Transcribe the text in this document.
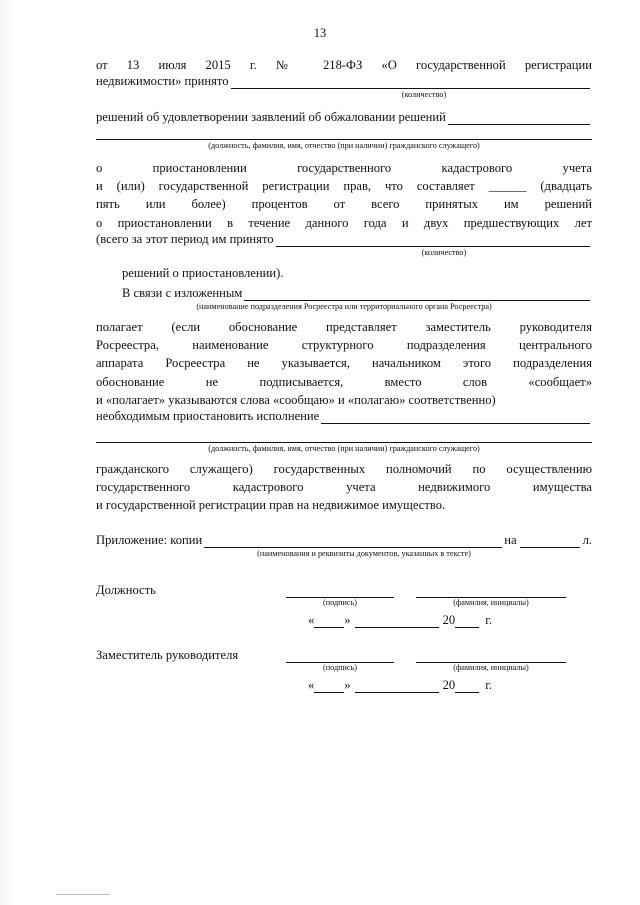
13

от 13 июля 2015 г. № 218-ФЗ «О государственной регистрации

недвижимости» принято
(количество)
решений об удовлетворении заявлений об обжаловании решений
(должность, фамилия, имя, отчество (при наличии) гражданского служащего)

о приостановлении государственного кадастрового учета

и (или) государственной регистрации прав, что составляет ______ (двадцать

пять или более) процентов от всего принятых им решений

о приостановлении в течение данного года и двух предшествующих лет

(всего за этот период им принято
(количество)

решений о приостановлении).

В связи с изложенным
(наименование подразделения Росреестра или территориального органа Росреестра)

полагает (если обоснование представляет заместитель руководителя

Росреестра, наименование структурного подразделения центрального

аппарата Росреестра не указывается, начальником этого подразделения

обоснование не подписывается, вместо слов «сообщает»

и «полагает» указываются слова «сообщаю» и «полагаю» соответственно)

необходимым приостановить исполнение
(должность, фамилия, имя, отчество (при наличии) гражданского служащего)

гражданского служащего) государственных полномочий по осуществлению

государственного кадастрового учета недвижимого имущества

и государственной регистрации прав на недвижимое имущество.

Приложение: копии	на	л.
(наименования и реквизиты документов, указанных в тексте)
Должность
(подпись)	(фамилия, инициалы)
« »	20 г.
Заместитель руководителя
(подпись)	(фамилия, инициалы)
« »	20 г.
